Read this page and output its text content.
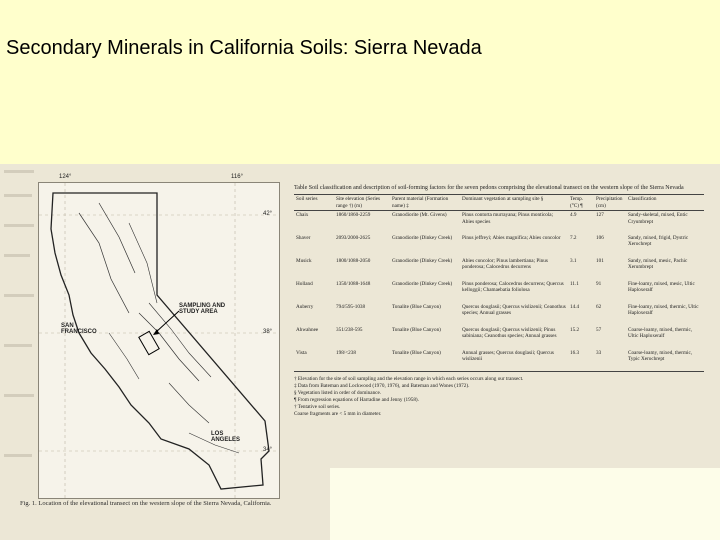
Secondary Minerals in California Soils: Sierra Nevada
124°	116°
42°
38°
34°
SAMPLING AND STUDY AREA
SAN FRANCISCO
LOS ANGELES
Fig. 1. Location of the elevational transect on the western slope of the Sierra Nevada, California.
Table Soil classification and description of soil-forming factors for the seven pedons comprising the elevational transect on the western slope of the Sierra Nevada
Soil series	Site elevation (Series range †) (m)	Parent material (Formation name) ‡	Dominant vegetation at sampling site §	Temp. (°C) ¶	Precipitation (cm)	Classification
Chaix	1860/1860-2259	Granodiorite (Mt. Givens)	Pinus contorta murrayana; Pinus monticola; Abies species	4.9	127	Sandy-skeletal, mixed, Entic Cryumbrept
Shaver	2093/2000-2625	Granodiorite (Dinkey Creek)	Pinus jeffreyi; Abies magnifica; Abies concolor	7.2	106	Sandy, mixed, frigid, Dystric Xerochrept
Musick	1800/1088-2050	Granodiorite (Dinkey Creek)	Abies concolor; Pinus lambertiana; Pinus ponderosa; Calocedrus decurrens	3.1	101	Sandy, mixed, mesic, Pachic Xerumbrept
Holland	1350/1088-1648	Granodiorite (Dinkey Creek)	Pinus ponderosa; Calocedrus decurrens; Quercus kelloggii; Chamaebatia foliolosa	11.1	91	Fine-loamy, mixed, mesic, Ultic Haploxeralf
Auberry	794/595-1038	Tonalite (Blue Canyon)	Quercus douglasii; Quercus wislizenii; Ceanothus species; Annual grasses	14.4	62	Fine-loamy, mixed, thermic, Ultic Haploxeralf
Ahwahnee	351/238-595	Tonalite (Blue Canyon)	Quercus douglasii; Quercus wislizenii; Pinus sabiniana; Ceanothus species; Annual grasses	15.2	57	Coarse-loamy, mixed, thermic, Ultic Haploxeralf
Vista	198/<238	Tonalite (Blue Canyon)	Annual grasses; Quercus douglasii; Quercus wislizenii	16.3	33	Coarse-loamy, mixed, thermic, Typic Xerochrept
† Elevation for the site of soil sampling and the elevation range in which each series occurs along our transect.
‡ Data from Bateman and Lockwood (1970, 1976), and Bateman and Wones (1972).
§ Vegetation listed in order of dominance.
¶ From regression equations of Harradine and Jenny (1958).
† Tentative soil series.
Coarse fragments are < 5 mm in diameter.
